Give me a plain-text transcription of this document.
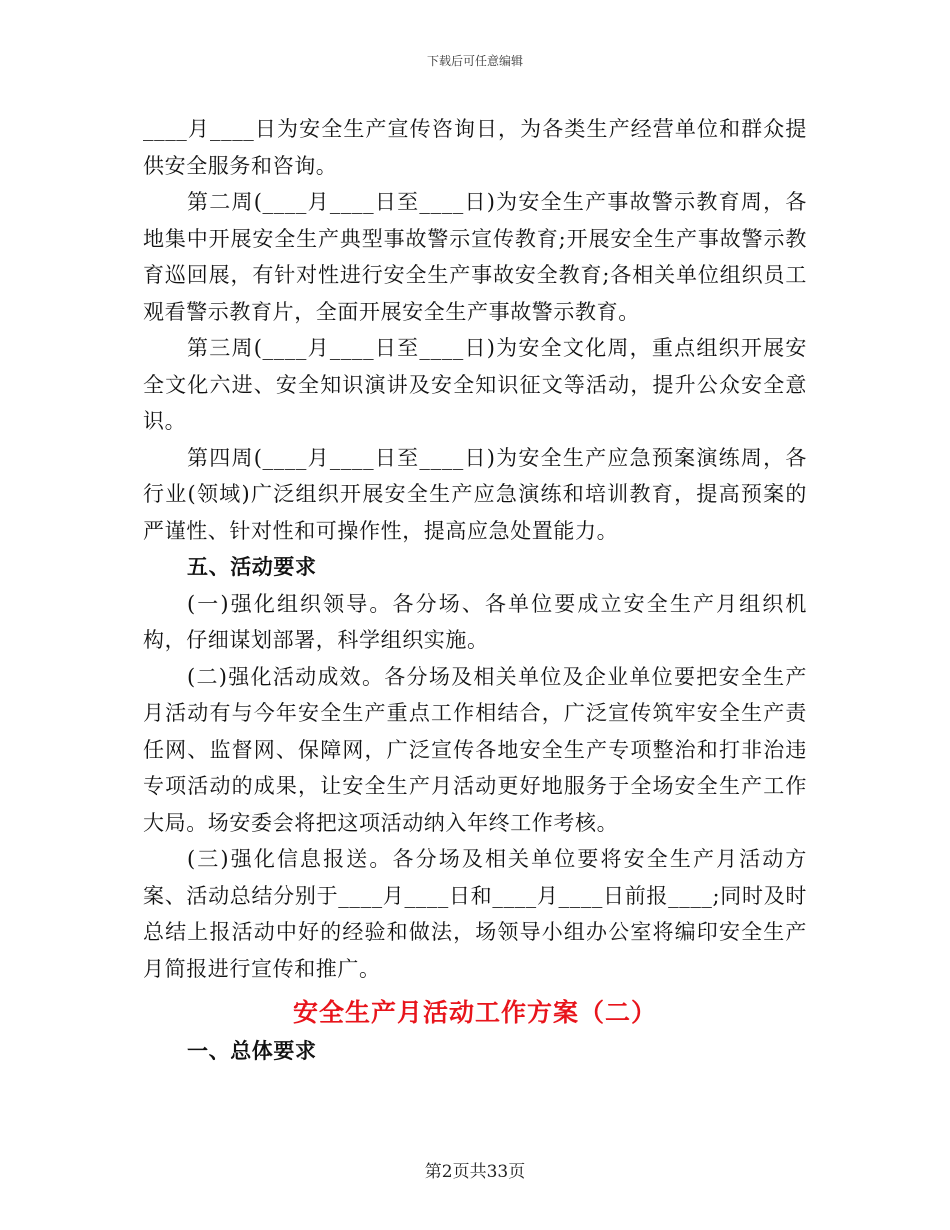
下载后可任意编辑

____月____日为安全生产宣传咨询日，为各类生产经营单位和群众提供安全服务和咨询。

第二周(____月____日至____日)为安全生产事故警示教育周，各地集中开展安全生产典型事故警示宣传教育;开展安全生产事故警示教育巡回展，有针对性进行安全生产事故安全教育;各相关单位组织员工观看警示教育片，全面开展安全生产事故警示教育。

第三周(____月____日至____日)为安全文化周，重点组织开展安全文化六进、安全知识演讲及安全知识征文等活动，提升公众安全意识。

第四周(____月____日至____日)为安全生产应急预案演练周，各行业(领域)广泛组织开展安全生产应急演练和培训教育，提高预案的严谨性、针对性和可操作性，提高应急处置能力。

五、活动要求

(一)强化组织领导。各分场、各单位要成立安全生产月组织机构，仔细谋划部署，科学组织实施。

(二)强化活动成效。各分场及相关单位及企业单位要把安全生产月活动有与今年安全生产重点工作相结合，广泛宣传筑牢安全生产责任网、监督网、保障网，广泛宣传各地安全生产专项整治和打非治违专项活动的成果，让安全生产月活动更好地服务于全场安全生产工作大局。场安委会将把这项活动纳入年终工作考核。

(三)强化信息报送。各分场及相关单位要将安全生产月活动方案、活动总结分别于____月____日和____月____日前报____;同时及时总结上报活动中好的经验和做法，场领导小组办公室将编印安全生产月简报进行宣传和推广。

安全生产月活动工作方案（二）

一、总体要求

第2页共33页
